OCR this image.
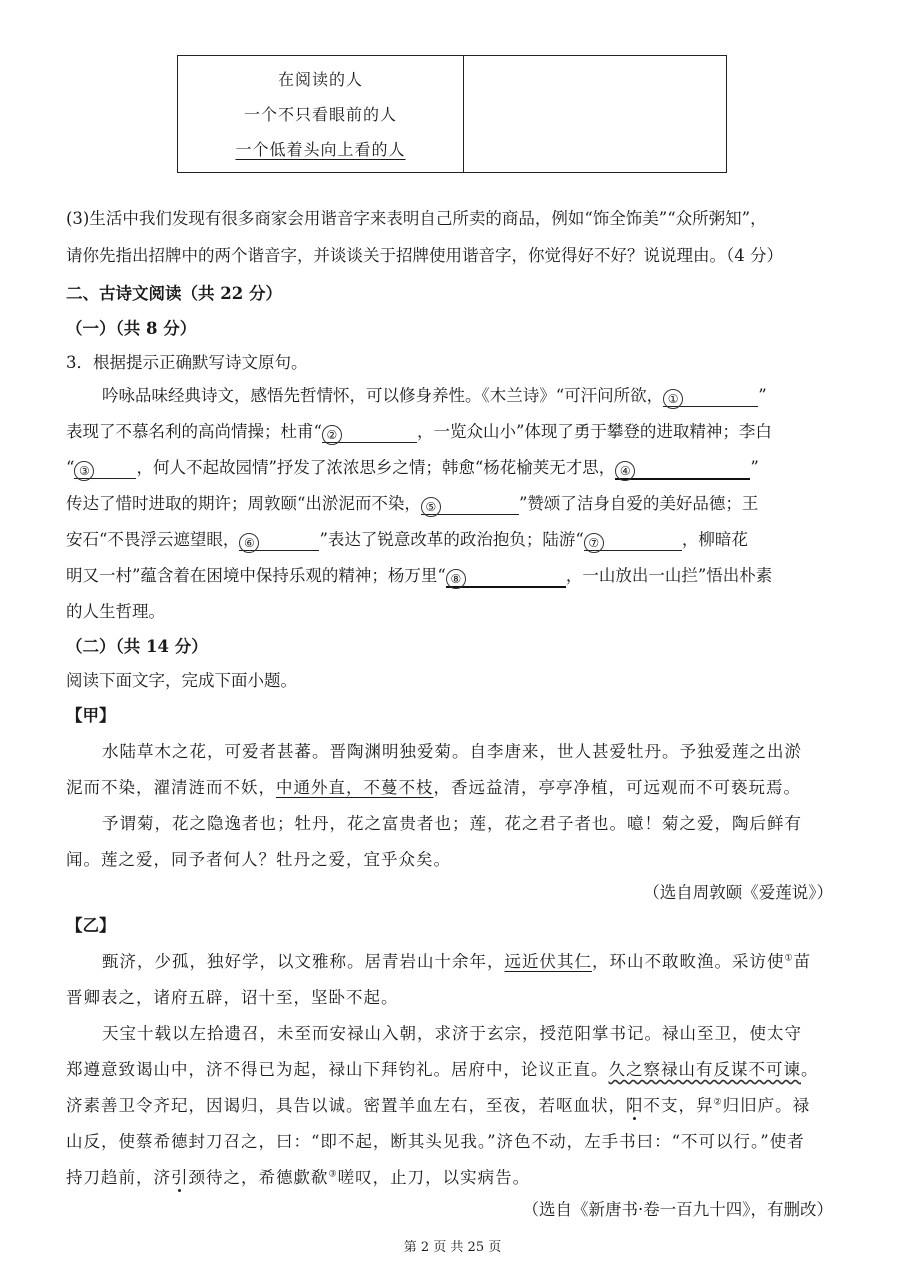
在阅读的人
一个不只看眼前的人
一个低着头向上看的人
(3)生活中我们发现有很多商家会用谐音字来表明自己所卖的商品，例如“饰全饰美”“众所粥知”，
请你先指出招牌中的两个谐音字，并谈谈关于招牌使用谐音字，你觉得好不好？说说理由。（4 分）
二、古诗文阅读（共 22 分）
（一）（共 8 分）
3．根据提示正确默写诗文原句。
吟咏品味经典诗文，感悟先哲情怀，可以修身养性。《木兰诗》“可汗问所欲， ①	”
表现了不慕名利的高尚情操；杜甫“ ②	，一览众山小”体现了勇于攀登的进取精神；李白
“ ③	，何人不起故园情”抒发了浓浓思乡之情；韩愈“杨花榆荚无才思， ④	”
传达了惜时进取的期许；周敦颐“出淤泥而不染， ⑤	”赞颂了洁身自爱的美好品德；王
安石“不畏浮云遮望眼， ⑥	”表达了锐意改革的政治抱负；陆游“ ⑦	，柳暗花
明又一村”蕴含着在困境中保持乐观的精神；杨万里“ ⑧	，一山放出一山拦”悟出朴素
的人生哲理。
（二）（共 14 分）
阅读下面文字，完成下面小题。
【甲】
水陆草木之花，可爱者甚蕃。晋陶渊明独爱菊。自李唐来，世人甚爱牡丹。予独爱莲之出淤
泥而不染，濯清涟而不妖，中通外直，不蔓不枝，香远益清，亭亭净植，可远观而不可亵玩焉。
予谓菊，花之隐逸者也；牡丹，花之富贵者也；莲，花之君子者也。噫！菊之爱，陶后鲜有
闻。莲之爱，同予者何人？牡丹之爱，宜乎众矣。
（选自周敦颐《爱莲说》）
【乙】
甄济，少孤，独好学，以文雅称。居青岩山十余年，远近伏其仁，环山不敢畋渔。采访使①苗
晋卿表之，诸府五辟，诏十至，坚卧不起。
天宝十载以左拾遗召，未至而安禄山入朝，求济于玄宗，授范阳掌书记。禄山至卫，使太守
郑遵意致谒山中，济不得已为起，禄山下拜钧礼。居府中，论议正直。久之察禄山有反谋不可谏。
济素善卫令齐玘，因谒归，具告以诚。密置羊血左右，至夜，若呕血状，阳不支，舁②归旧庐。禄
山反，使蔡希德封刀召之，曰：“即不起，断其头见我。”济色不动，左手书曰：“不可以行。”使者
持刀趋前，济引颈待之，希德歔欷③嗟叹，止刀，以实病告。
（选自《新唐书·卷一百九十四》，有删改）
第 2 页 共 25 页
